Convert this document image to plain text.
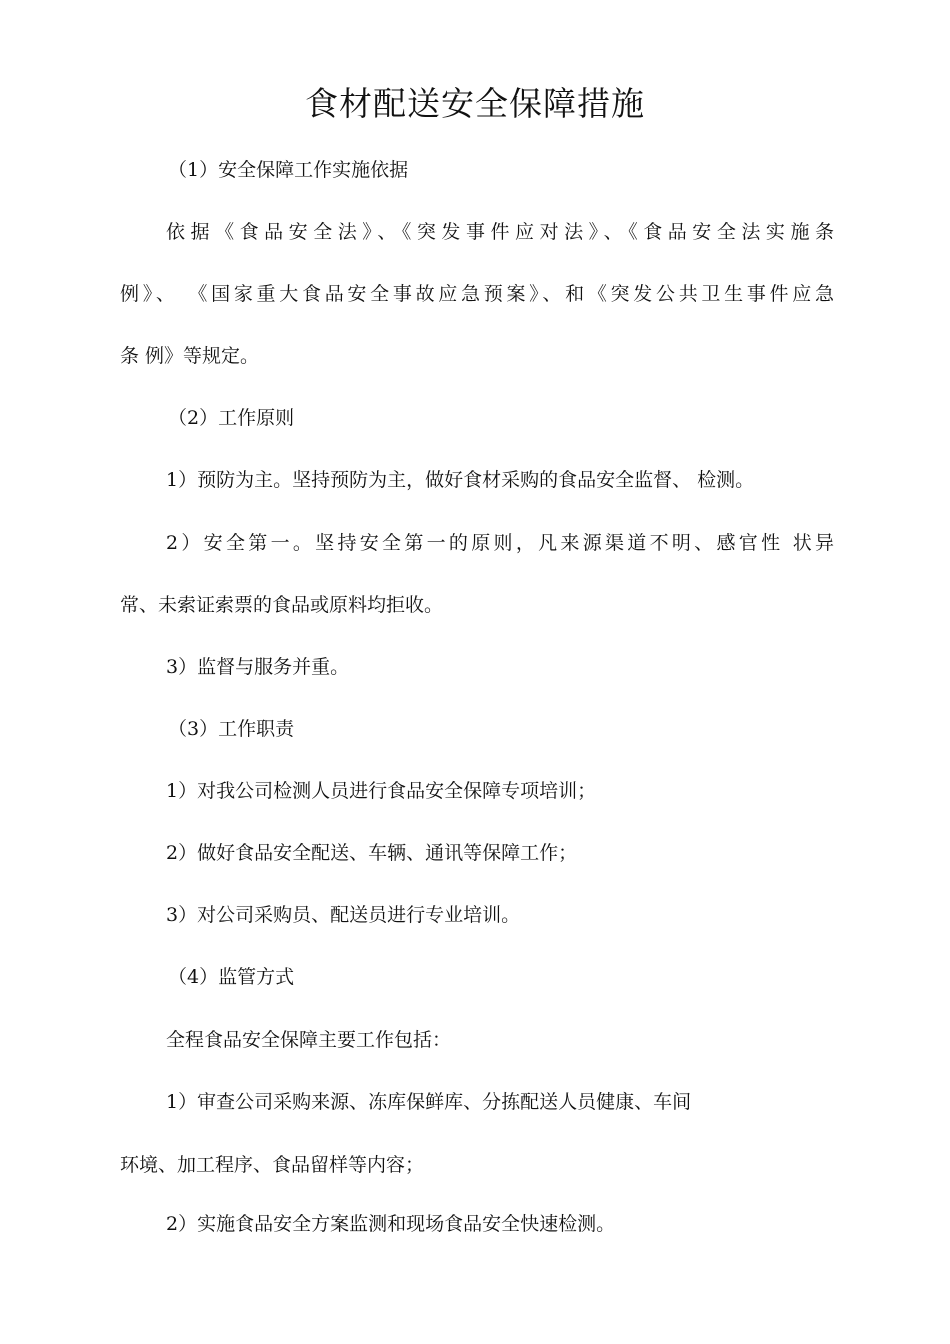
食材配送安全保障措施
（1）安全保障工作实施依据
依据《食品安全法》、《突发事件应对法》、《食品安全法实施条
例》、 《国家重大食品安全事故应急预案》、和《突发公共卫生事件应急
条 例》等规定。
（2）工作原则
1）预防为主。坚持预防为主，做好食材采购的食品安全监督、 检测。
2）安全第一。坚持安全第一的原则，凡来源渠道不明、感官性 状异
常、未索证索票的食品或原料均拒收。
3）监督与服务并重。
（3）工作职责
1）对我公司检测人员进行食品安全保障专项培训；
2）做好食品安全配送、车辆、通讯等保障工作；
3）对公司采购员、配送员进行专业培训。
（4）监管方式
全程食品安全保障主要工作包括：
1）审查公司采购来源、冻库保鲜库、分拣配送人员健康、车间
环境、加工程序、食品留样等内容；
2）实施食品安全方案监测和现场食品安全快速检测。
